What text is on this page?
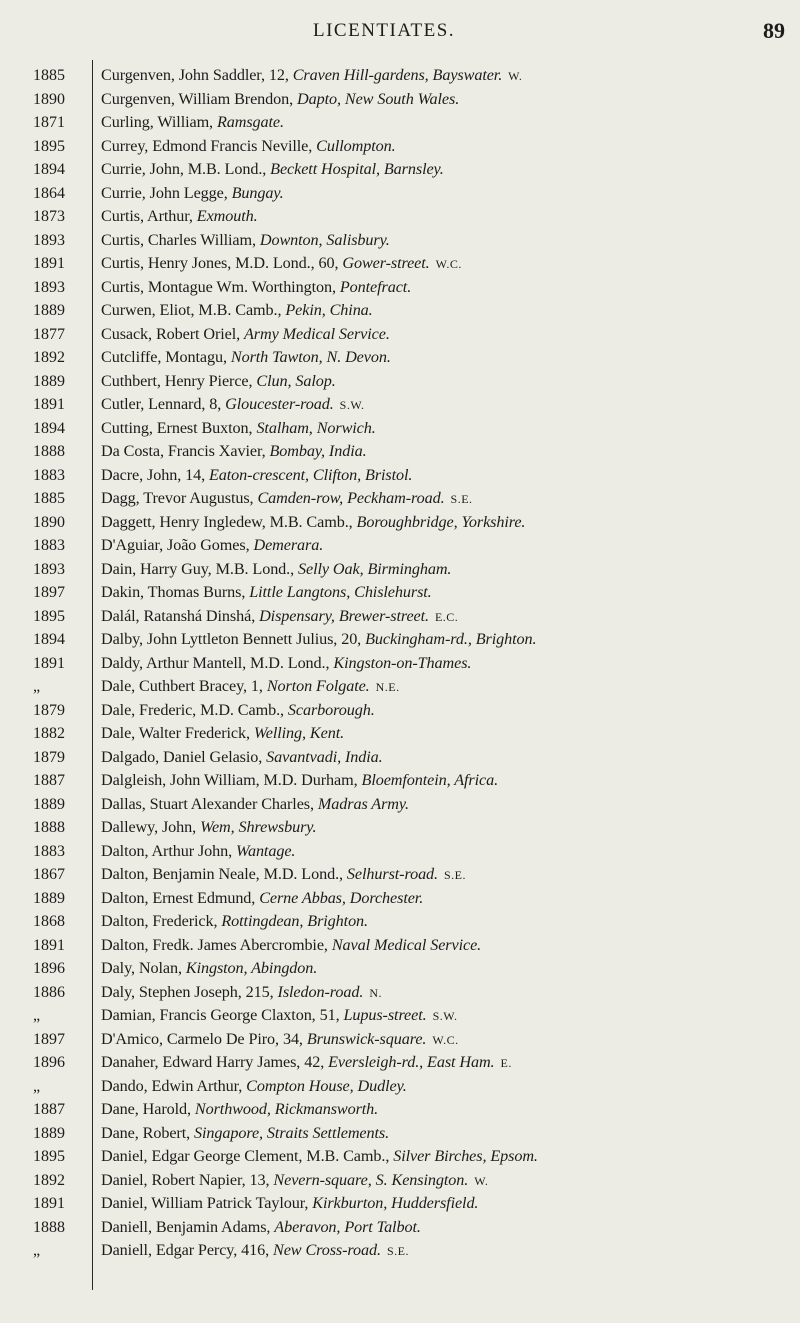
LICENTIATES.	89
1885	Curgenven, John Saddler, 12, Craven Hill-gardens, Bayswater. W.
1890	Curgenven, William Brendon, Dapto, New South Wales.
1871	Curling, William, Ramsgate.
1895	Currey, Edmond Francis Neville, Cullompton.
1894	Currie, John, M.B. Lond., Beckett Hospital, Barnsley.
1864	Currie, John Legge, Bungay.
1873	Curtis, Arthur, Exmouth.
1893	Curtis, Charles William, Downton, Salisbury.
1891	Curtis, Henry Jones, M.D. Lond., 60, Gower-street. W.C.
1893	Curtis, Montague Wm. Worthington, Pontefract.
1889	Curwen, Eliot, M.B. Camb., Pekin, China.
1877	Cusack, Robert Oriel, Army Medical Service.
1892	Cutcliffe, Montagu, North Tawton, N. Devon.
1889	Cuthbert, Henry Pierce, Clun, Salop.
1891	Cutler, Lennard, 8, Gloucester-road. S.W.
1894	Cutting, Ernest Buxton, Stalham, Norwich.
1888	Da Costa, Francis Xavier, Bombay, India.
1883	Dacre, John, 14, Eaton-crescent, Clifton, Bristol.
1885	Dagg, Trevor Augustus, Camden-row, Peckham-road. S.E.
1890	Daggett, Henry Ingledew, M.B. Camb., Boroughbridge, Yorkshire.
1883	D'Aguiar, João Gomes, Demerara.
1893	Dain, Harry Guy, M.B. Lond., Selly Oak, Birmingham.
1897	Dakin, Thomas Burns, Little Langtons, Chislehurst.
1895	Dalál, Ratanshá Dinshá, Dispensary, Brewer-street. E.C.
1894	Dalby, John Lyttleton Bennett Julius, 20, Buckingham-rd., Brighton.
1891	Daldy, Arthur Mantell, M.D. Lond., Kingston-on-Thames.
„	Dale, Cuthbert Bracey, 1, Norton Folgate. N.E.
1879	Dale, Frederic, M.D. Camb., Scarborough.
1882	Dale, Walter Frederick, Welling, Kent.
1879	Dalgado, Daniel Gelasio, Savantvadi, India.
1887	Dalgleish, John William, M.D. Durham, Bloemfontein, Africa.
1889	Dallas, Stuart Alexander Charles, Madras Army.
1888	Dallewy, John, Wem, Shrewsbury.
1883	Dalton, Arthur John, Wantage.
1867	Dalton, Benjamin Neale, M.D. Lond., Selhurst-road. S.E.
1889	Dalton, Ernest Edmund, Cerne Abbas, Dorchester.
1868	Dalton, Frederick, Rottingdean, Brighton.
1891	Dalton, Fredk. James Abercrombie, Naval Medical Service.
1896	Daly, Nolan, Kingston, Abingdon.
1886	Daly, Stephen Joseph, 215, Isledon-road. N.
„	Damian, Francis George Claxton, 51, Lupus-street. S.W.
1897	D'Amico, Carmelo De Piro, 34, Brunswick-square. W.C.
1896	Danaher, Edward Harry James, 42, Eversleigh-rd., East Ham. E.
„	Dando, Edwin Arthur, Compton House, Dudley.
1887	Dane, Harold, Northwood, Rickmansworth.
1889	Dane, Robert, Singapore, Straits Settlements.
1895	Daniel, Edgar George Clement, M.B. Camb., Silver Birches, Epsom.
1892	Daniel, Robert Napier, 13, Nevern-square, S. Kensington. W.
1891	Daniel, William Patrick Taylour, Kirkburton, Huddersfield.
1888	Daniell, Benjamin Adams, Aberavon, Port Talbot.
„	Daniell, Edgar Percy, 416, New Cross-road. S.E.
